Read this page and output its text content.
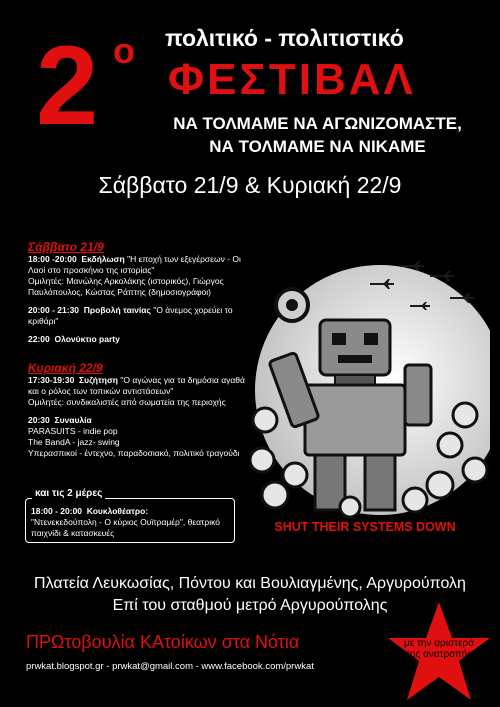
2 ο πολιτικό - πολιτιστικό
ΦΕΣΤΙΒΑΛ
ΝΑ ΤΟΛΜΑΜΕ ΝΑ ΑΓΩΝΙΖΟΜΑΣΤΕ,
ΝΑ ΤΟΛΜΑΜΕ ΝΑ ΝΙΚΑΜΕ
Σάββατο 21/9 & Κυριακή 22/9
Σάββατο 21/9
18:00 -20:00 Εκδήλωση "Η εποχή των εξεγέρσεων - Οι Λαοί στο προσκήνιο της ιστορίας"
Ομιλητές: Μανώλης Αρκολάκης (ιστορικός), Γιώργος Παυλόπουλος, Κώστας Ράπτης (δημοσιογράφοι)
20:00 - 21:30 Προβολή ταινίας "Ο άνεμος χορεύει το κριθάρι"
22:00 Ολονύκτιο party
Κυριακή 22/9
17:30-19:30 Συζήτηση "Ο αγώνας για τα δημόσια αγαθά και ο ρόλος των τοπικών αντιστάσεων"
Ομιλητές: συνδικαλιστές από σωματεία της περιοχής
20:30 Συναυλία
PARASUITS - indie pop
The BandA - jazz- swing
Υπερασπικοί - έντεχνο, παραδοσιακό, πολιτικό τραγούδι
18:00 - 20:00 Κουκλοθέατρο:
"Ντενεκεδούπολη - Ο κύριος Ουϊτραμέρ", θεατρικό παιχνίδι & κατασκευές
και τις 2 μέρες
SHUT THEIR SYSTEMS DOWN
Πλατεία Λευκωσίας, Πόντου και Βουλιαγμένης, Αργυρούπολη
Επί του σταθμού μετρό Αργυρούπολης
ΠΡΩτοβουλία ΚΑτοίκων στα Νότια
prwkat.blogspot.gr - prwkat@gmail.com - www.facebook.com/prwkat
με την αριστερά
της ανατροπής
